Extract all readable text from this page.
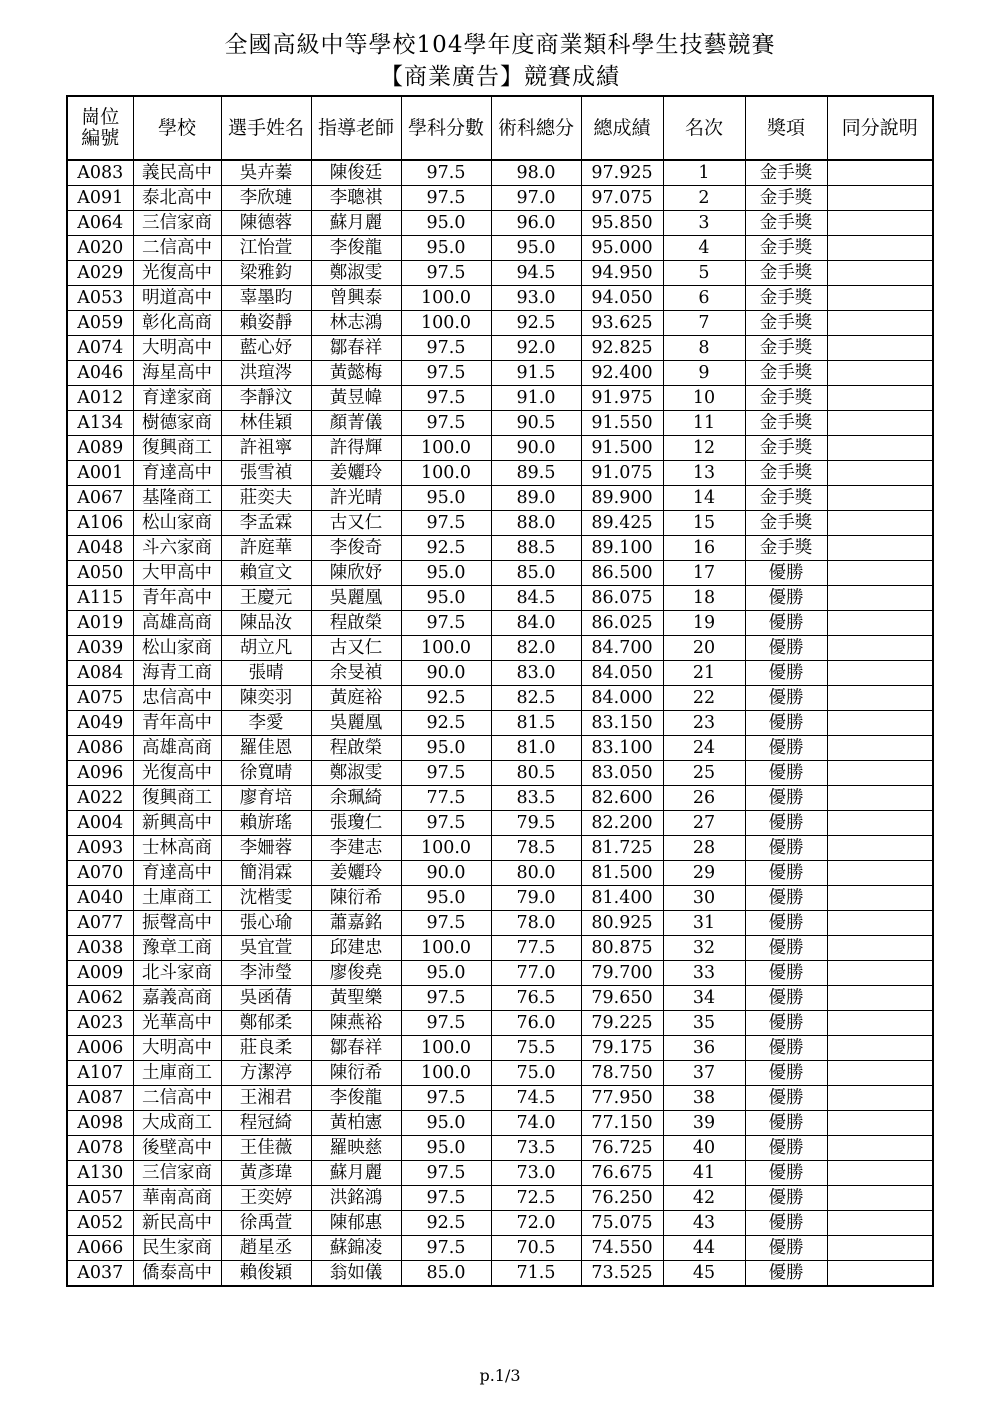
全國高級中等學校104學年度商業類科學生技藝競賽
【商業廣告】競賽成績
崗位編號	學校	選手姓名	指導老師	學科分數	術科總分	總成績	名次	獎項	同分說明
A083	義民高中	吳卉蓁	陳俊廷	97.5	98.0	97.925	1	金手獎	
A091	泰北高中	李欣璉	李聰祺	97.5	97.0	97.075	2	金手獎	
A064	三信家商	陳德蓉	蘇月麗	95.0	96.0	95.850	3	金手獎	
A020	二信高中	江怡萱	李俊龍	95.0	95.0	95.000	4	金手獎	
A029	光復高中	梁雅鈞	鄭淑雯	97.5	94.5	94.950	5	金手獎	
A053	明道高中	辜墨昀	曾興泰	100.0	93.0	94.050	6	金手獎	
A059	彰化高商	賴姿靜	林志鴻	100.0	92.5	93.625	7	金手獎	
A074	大明高中	藍心妤	鄒春祥	97.5	92.0	92.825	8	金手獎	
A046	海星高中	洪瑄涔	黃懿梅	97.5	91.5	92.400	9	金手獎	
A012	育達家商	李靜汶	黃昱幃	97.5	91.0	91.975	10	金手獎	
A134	樹德家商	林佳穎	顏菁儀	97.5	90.5	91.550	11	金手獎	
A089	復興商工	許祖寧	許得輝	100.0	90.0	91.500	12	金手獎	
A001	育達高中	張雪禎	姜孋玲	100.0	89.5	91.075	13	金手獎	
A067	基隆商工	莊奕夫	許光晴	95.0	89.0	89.900	14	金手獎	
A106	松山家商	李孟霖	古又仁	97.5	88.0	89.425	15	金手獎	
A048	斗六家商	許庭華	李俊奇	92.5	88.5	89.100	16	金手獎	
A050	大甲高中	賴宣文	陳欣妤	95.0	85.0	86.500	17	優勝	
A115	青年高中	王慶元	吳麗凰	95.0	84.5	86.075	18	優勝	
A019	高雄高商	陳品汝	程啟榮	97.5	84.0	86.025	19	優勝	
A039	松山家商	胡立凡	古又仁	100.0	82.0	84.700	20	優勝	
A084	海青工商	張晴	余旻禎	90.0	83.0	84.050	21	優勝	
A075	忠信高中	陳奕羽	黃庭裕	92.5	82.5	84.000	22	優勝	
A049	青年高中	李愛	吳麗凰	92.5	81.5	83.150	23	優勝	
A086	高雄高商	羅佳恩	程啟榮	95.0	81.0	83.100	24	優勝	
A096	光復高中	徐寬晴	鄭淑雯	97.5	80.5	83.050	25	優勝	
A022	復興商工	廖育培	余珮綺	77.5	83.5	82.600	26	優勝	
A004	新興高中	賴旂瑤	張瓊仁	97.5	79.5	82.200	27	優勝	
A093	士林高商	李姍蓉	李建志	100.0	78.5	81.725	28	優勝	
A070	育達高中	簡涓霖	姜孋玲	90.0	80.0	81.500	29	優勝	
A040	土庫商工	沈楷雯	陳衍希	95.0	79.0	81.400	30	優勝	
A077	振聲高中	張心瑜	蕭嘉銘	97.5	78.0	80.925	31	優勝	
A038	豫章工商	吳宜萱	邱建忠	100.0	77.5	80.875	32	優勝	
A009	北斗家商	李沛瑩	廖俊堯	95.0	77.0	79.700	33	優勝	
A062	嘉義高商	吳函蒨	黃聖樂	97.5	76.5	79.650	34	優勝	
A023	光華高中	鄭郁柔	陳燕裕	97.5	76.0	79.225	35	優勝	
A006	大明高中	莊良柔	鄒春祥	100.0	75.5	79.175	36	優勝	
A107	土庫商工	方潔渟	陳衍希	100.0	75.0	78.750	37	優勝	
A087	二信高中	王湘君	李俊龍	97.5	74.5	77.950	38	優勝	
A098	大成商工	程冠綺	黃柏憲	95.0	74.0	77.150	39	優勝	
A078	後壁高中	王佳薇	羅映慈	95.0	73.5	76.725	40	優勝	
A130	三信家商	黃彥瑋	蘇月麗	97.5	73.0	76.675	41	優勝	
A057	華南高商	王奕婷	洪銘鴻	97.5	72.5	76.250	42	優勝	
A052	新民高中	徐禹萱	陳郁惠	92.5	72.0	75.075	43	優勝	
A066	民生家商	趙星丞	蘇錦凌	97.5	70.5	74.550	44	優勝	
A037	僑泰高中	賴俊穎	翁如儀	85.0	71.5	73.525	45	優勝	
p.1/3
